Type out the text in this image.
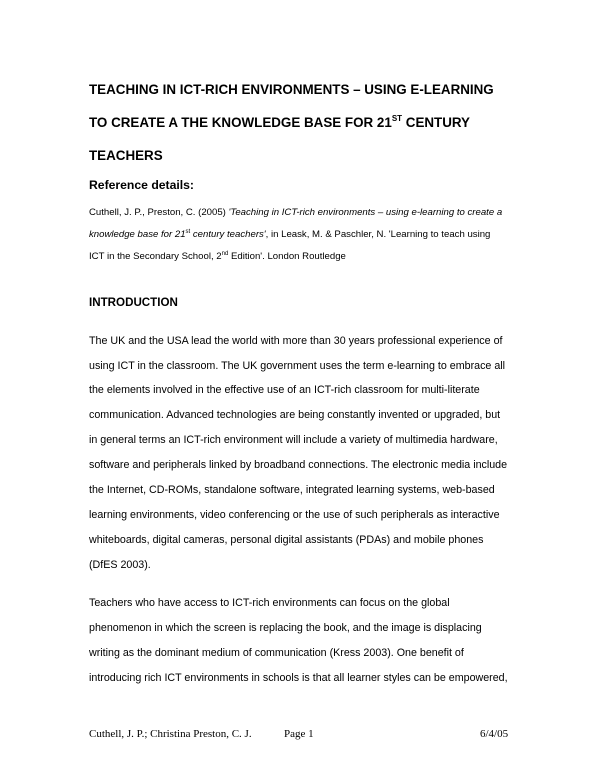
TEACHING IN ICT-RICH ENVIRONMENTS – USING E-LEARNING
TO CREATE A THE KNOWLEDGE BASE FOR 21ST CENTURY
TEACHERS
Reference details:
Cuthell, J. P., Preston, C. (2005) 'Teaching in ICT-rich environments – using e-learning to create a
knowledge base for 21st century teachers', in Leask, M. & Paschler, N. 'Learning to teach using
ICT in the Secondary School, 2nd Edition'. London Routledge
INTRODUCTION
The UK and the USA lead the world with more than 30 years professional experience of
using ICT in the classroom. The UK government uses the term e-learning to embrace all
the elements involved in the effective use of an ICT-rich classroom for multi-literate
communication. Advanced technologies are being constantly invented or upgraded, but
in general terms an ICT-rich environment will include a variety of multimedia hardware,
software and peripherals linked by broadband connections. The electronic media include
the Internet, CD-ROMs, standalone software, integrated learning systems, web-based
learning environments, video conferencing or the use of such peripherals as interactive
whiteboards, digital cameras, personal digital assistants (PDAs) and mobile phones
(DfES 2003).
Teachers who have access to ICT-rich environments can focus on the global
phenomenon in which the screen is replacing the book, and the image is displacing
writing as the dominant medium of communication (Kress 2003). One benefit of
introducing rich ICT environments in schools is that all learner styles can be empowered,
Cuthell, J. P.; Christina Preston, C. J.	Page 1	6/4/05
